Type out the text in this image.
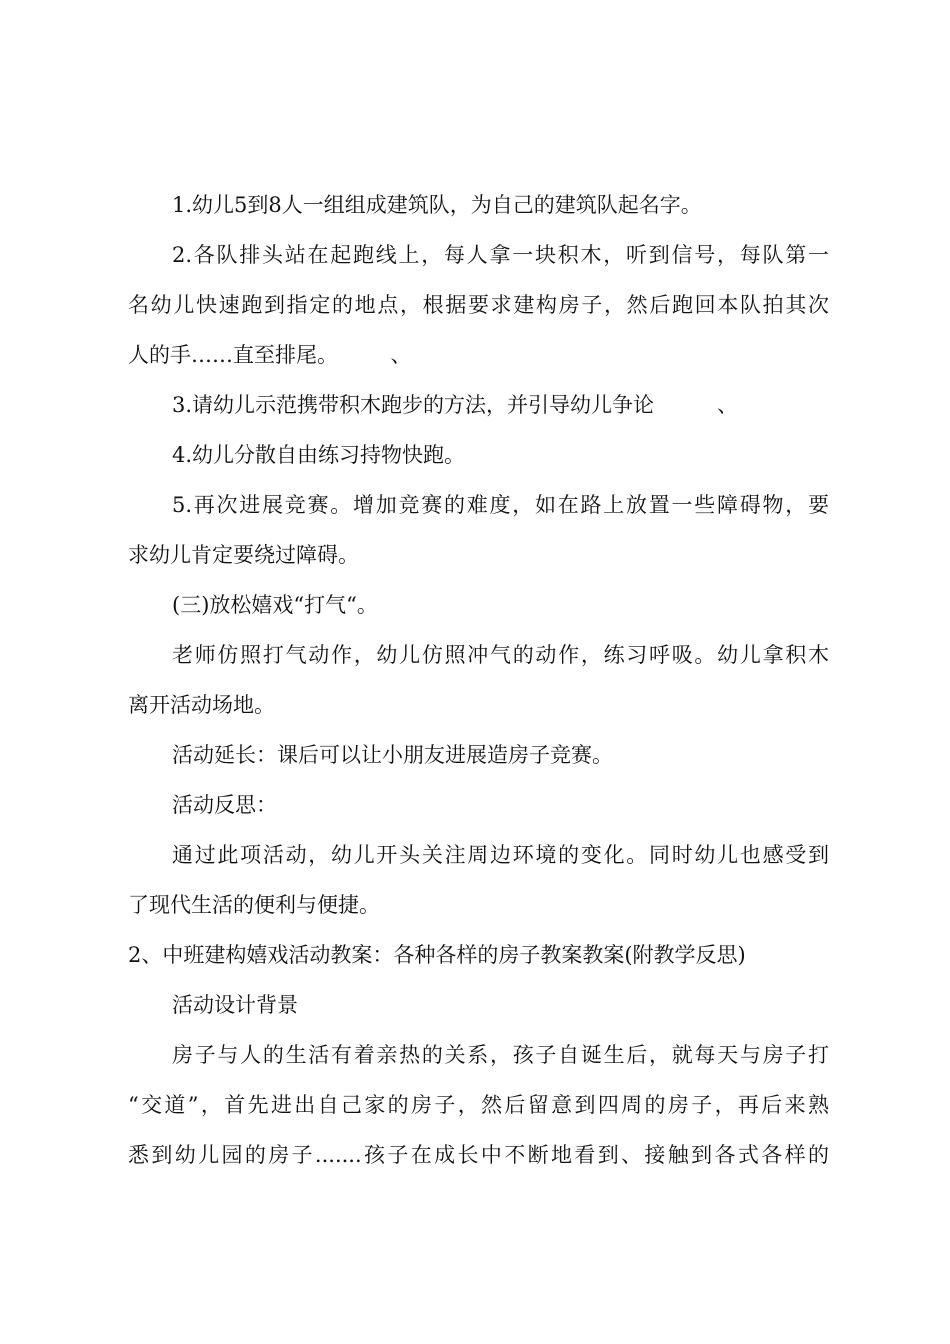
1.幼儿5到8人一组组成建筑队，为自己的建筑队起名字。
2.各队排头站在起跑线上，每人拿一块积木，听到信号，每队第一
名幼儿快速跑到指定的地点，根据要求建构房子，然后跑回本队拍其次
人的手……直至排尾。　　　、
3.请幼儿示范携带积木跑步的方法，并引导幼儿争论　　　、
4.幼儿分散自由练习持物快跑。
5.再次进展竞赛。增加竞赛的难度，如在路上放置一些障碍物，要
求幼儿肯定要绕过障碍。
(三)放松嬉戏“打气“。
老师仿照打气动作，幼儿仿照冲气的动作，练习呼吸。幼儿拿积木
离开活动场地。
活动延长：课后可以让小朋友进展造房子竞赛。
活动反思：
通过此项活动，幼儿开头关注周边环境的变化。同时幼儿也感受到
了现代生活的便利与便捷。
2、中班建构嬉戏活动教案：各种各样的房子教案教案(附教学反思)
活动设计背景
房子与人的生活有着亲热的关系，孩子自诞生后，就每天与房子打
“交道”，首先进出自己家的房子，然后留意到四周的房子，再后来熟
悉到幼儿园的房子.......孩子在成长中不断地看到、接触到各式各样的
